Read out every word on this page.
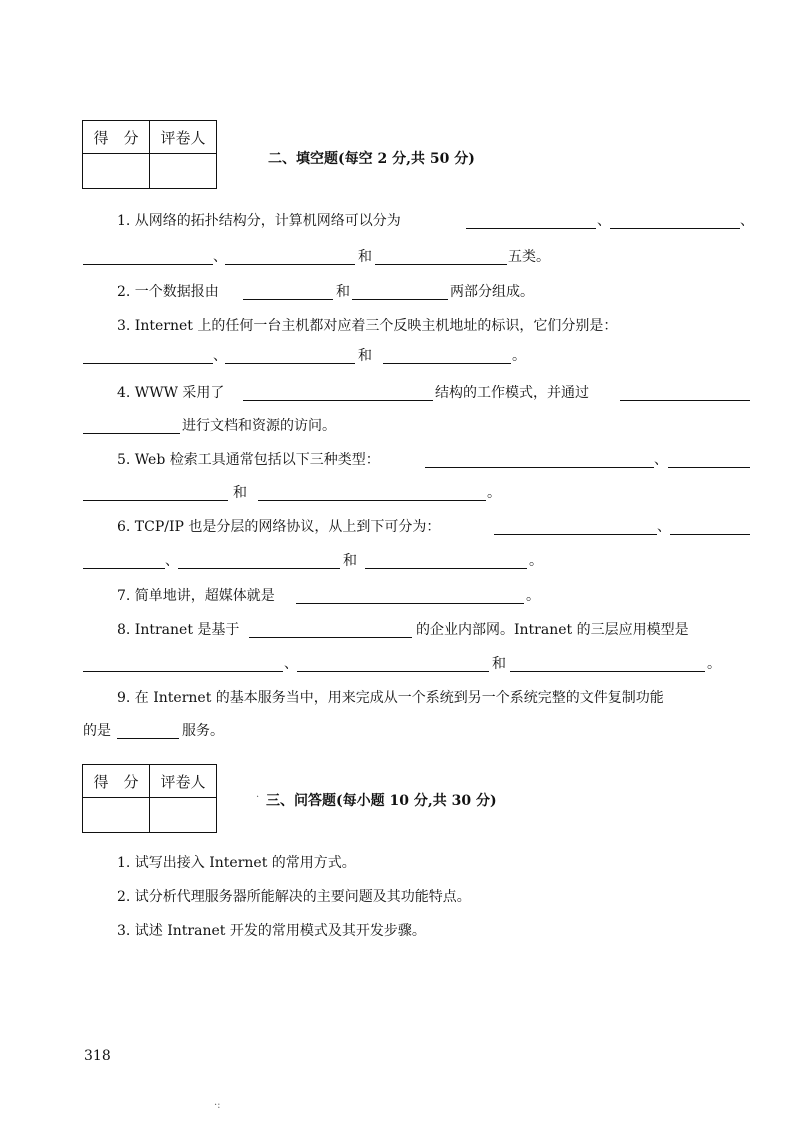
得　分	评卷人

二、填空题(每空 2 分,共 50 分)
1. 从网络的拓扑结构分，计算机网络可以分为	、	、
、	和	五类。
2. 一个数据报由	和	两部分组成。
3. Internet 上的任何一台主机都对应着三个反映主机地址的标识，它们分别是：
、	和	。
4. WWW 采用了	结构的工作模式，并通过
进行文档和资源的访问。
5. Web 检索工具通常包括以下三种类型：	、
和	。
6. TCP/IP 也是分层的网络协议，从上到下可分为：	、
、	和	。
7. 简单地讲，超媒体就是	。
8. Intranet 是基于	的企业内部网。Intranet 的三层应用模型是
、	和	。
9. 在 Internet 的基本服务当中，用来完成从一个系统到另一个系统完整的文件复制功能
的是	服务。
得　分	评卷人

· 三、问答题(每小题 10 分,共 30 分)
1. 试写出接入 Internet 的常用方式。
2. 试分析代理服务器所能解决的主要问题及其功能特点。
3. 试述 Intranet 开发的常用模式及其开发步骤。
318
·:
